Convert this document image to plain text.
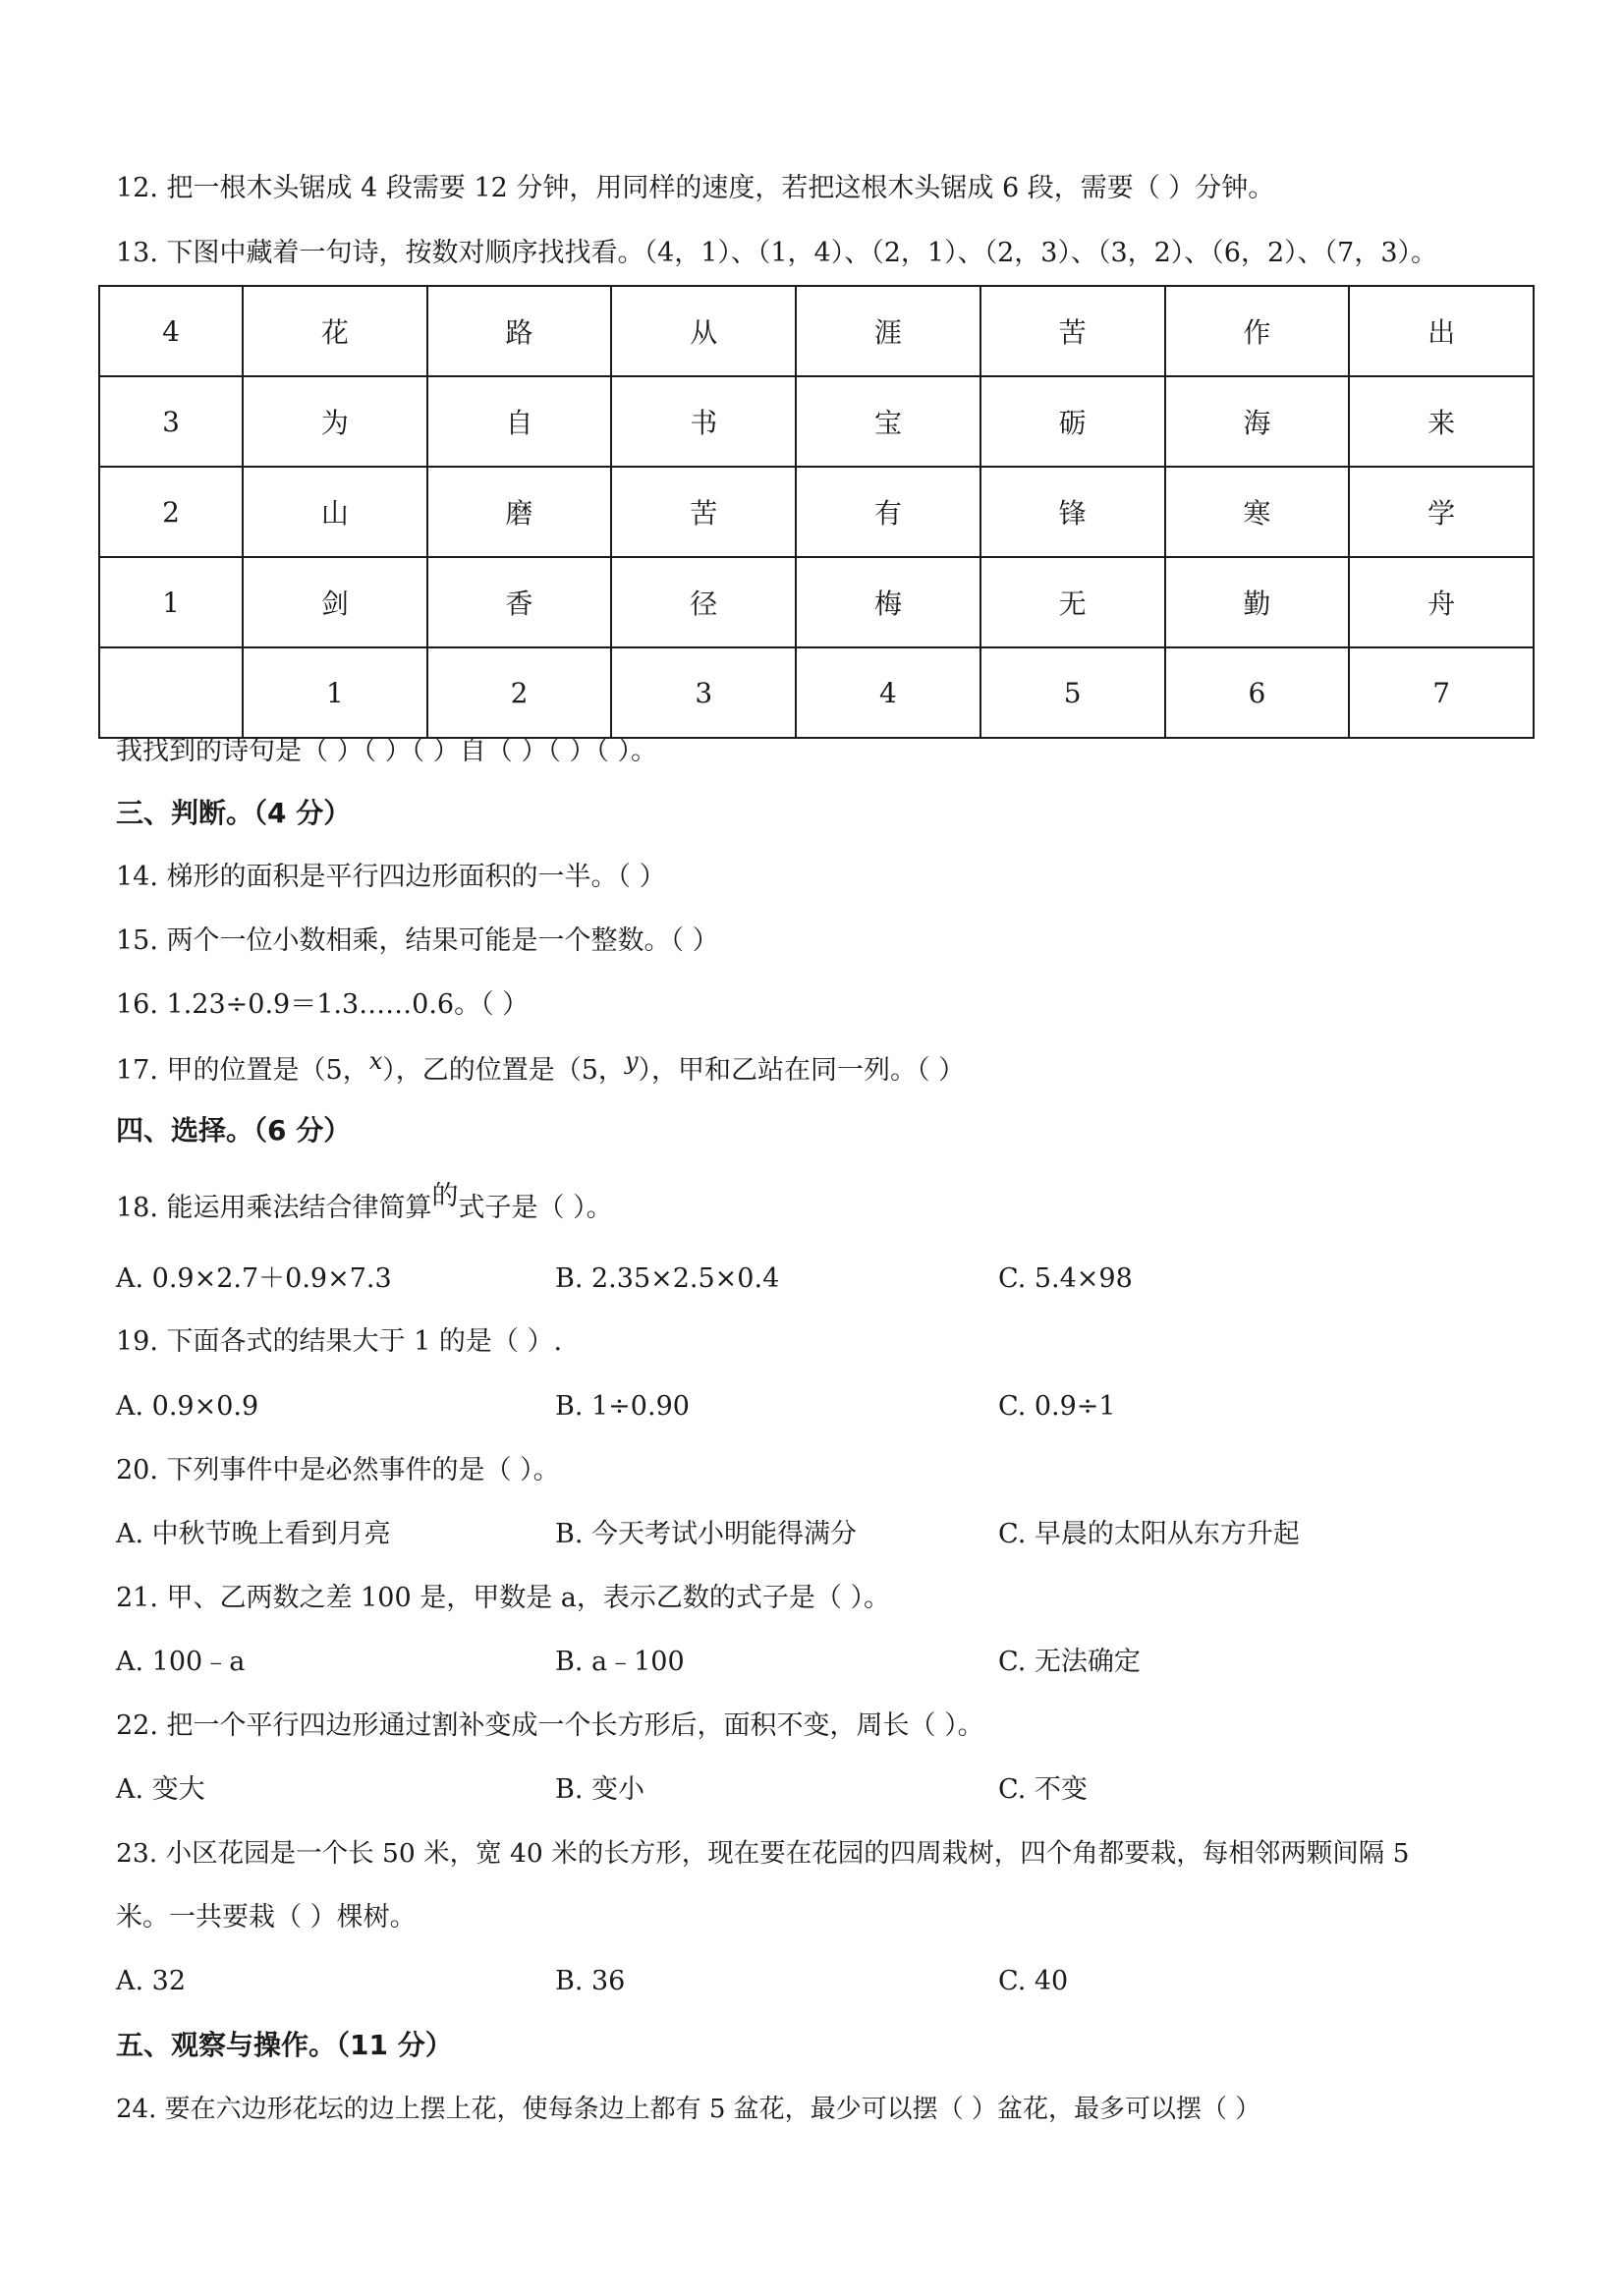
12. 把一根木头锯成 4 段需要 12 分钟，用同样的速度，若把这根木头锯成 6 段，需要（ ）分钟。
13. 下图中藏着一句诗，按数对顺序找找看。（4，1）、（1，4）、（2，1）、（2，3）、（3，2）、（6，2）、（7，3）。
4	花	路	从	涯	苦	作	出
3	为	自	书	宝	砺	海	来
2	山	磨	苦	有	锋	寒	学
1	剑	香	径	梅	无	勤	舟
	1	2	3	4	5	6	7
我找到的诗句是（ ）（ ）（ ）自（ ）（ ）（ ）。
三、判断。（4 分）
14. 梯形的面积是平行四边形面积的一半。（ ）
15. 两个一位小数相乘，结果可能是一个整数。（ ）
16. 1.23÷0.9＝1.3……0.6。（ ）
17. 甲的位置是（5，x），乙的位置是（5，y），甲和乙站在同一列。（ ）
四、选择。（6 分）
18. 能运用乘法结合律简算的式子是（ ）。
A. 0.9×2.7＋0.9×7.3	B. 2.35×2.5×0.4	C. 5.4×98
19. 下面各式的结果大于 1 的是（ ）.
A. 0.9×0.9	B. 1÷0.90	C. 0.9÷1
20. 下列事件中是必然事件的是（ ）。
A. 中秋节晚上看到月亮	B. 今天考试小明能得满分	C. 早晨的太阳从东方升起
21. 甲、乙两数之差 100 是，甲数是 a，表示乙数的式子是（ ）。
A. 100﹣a	B. a﹣100	C. 无法确定
22. 把一个平行四边形通过割补变成一个长方形后，面积不变，周长（ ）。
A. 变大	B. 变小	C. 不变
23. 小区花园是一个长 50 米，宽 40 米的长方形，现在要在花园的四周栽树，四个角都要栽，每相邻两颗间隔 5
米。一共要栽（ ）棵树。
A. 32	B. 36	C. 40
五、观察与操作。（11 分）
24. 要在六边形花坛的边上摆上花，使每条边上都有 5 盆花，最少可以摆（ ）盆花，最多可以摆（ ）
